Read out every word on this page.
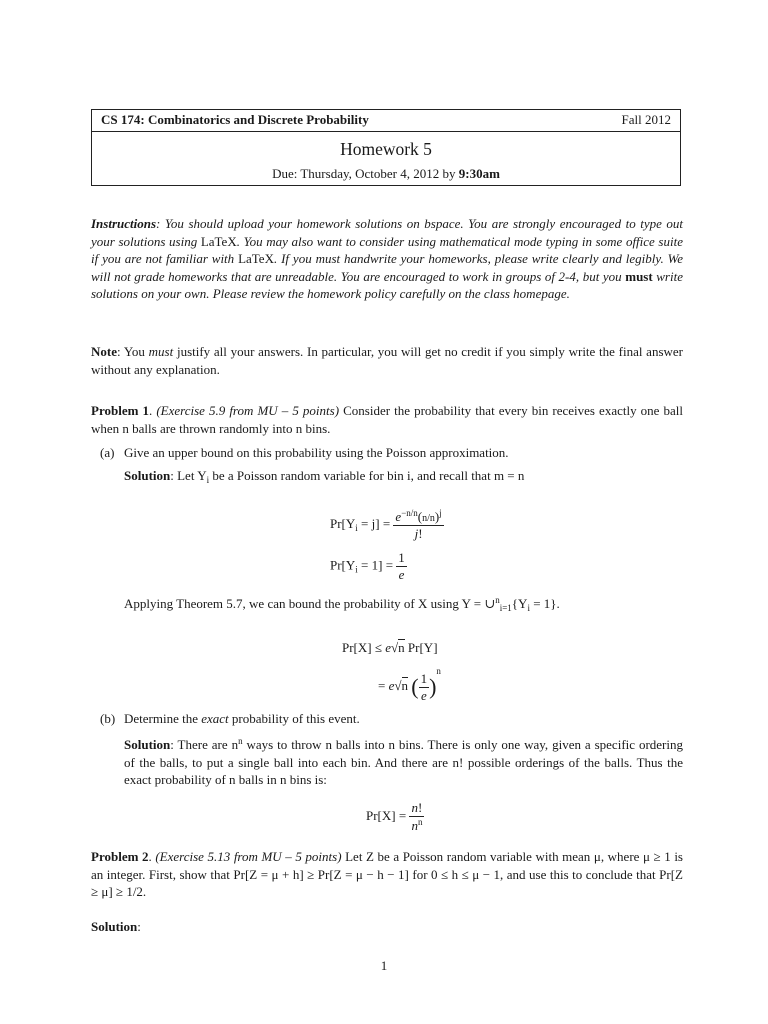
CS 174: Combinatorics and Discrete Probability	Fall 2012
Homework 5
Due: Thursday, October 4, 2012 by 9:30am
Instructions: You should upload your homework solutions on bspace. You are strongly encouraged to type out your solutions using LaTeX. You may also want to consider using mathematical mode typing in some office suite if you are not familiar with LaTeX. If you must handwrite your homeworks, please write clearly and legibly. We will not grade homeworks that are unreadable. You are encouraged to work in groups of 2-4, but you must write solutions on your own. Please review the homework policy carefully on the class homepage.
Note: You must justify all your answers. In particular, you will get no credit if you simply write the final answer without any explanation.
Problem 1. (Exercise 5.9 from MU – 5 points) Consider the probability that every bin receives exactly one ball when n balls are thrown randomly into n bins.
(a) Give an upper bound on this probability using the Poisson approximation.
Solution: Let $Y_i$ be a Poisson random variable for bin i, and recall that m = n
$Pr[Y_i = j] = \frac{e^{-n/n}(n/n)^j}{j!}$
$Pr[Y_i = 1] = \frac{1}{e}$
Applying Theorem 5.7, we can bound the probability of X using $Y = \cup^n_{i=1}\{Y_i = 1\}$.
Pr[X] ≤ e√n Pr[Y]
= e√n ( $\frac{1}{e} )^n$
(b) Determine the exact probability of this event.
Solution: There are $n^n$ ways to throw n balls into n bins. There is only one way, given a specific ordering of the balls, to put a single ball into each bin. And there are n! possible orderings of the balls. Thus the exact probability of n balls in n bins is:
$Pr[X] = \frac{n!}{n^n}$
Problem 2. (Exercise 5.13 from MU – 5 points) Let Z be a Poisson random variable with mean μ, where μ ≥ 1 is an integer. First, show that Pr[Z = μ + h] ≥ Pr[Z = μ − h − 1] for 0 ≤ h ≤ μ − 1, and use this to conclude that Pr[Z ≥ μ] ≥ 1/2.
Solution:
1
